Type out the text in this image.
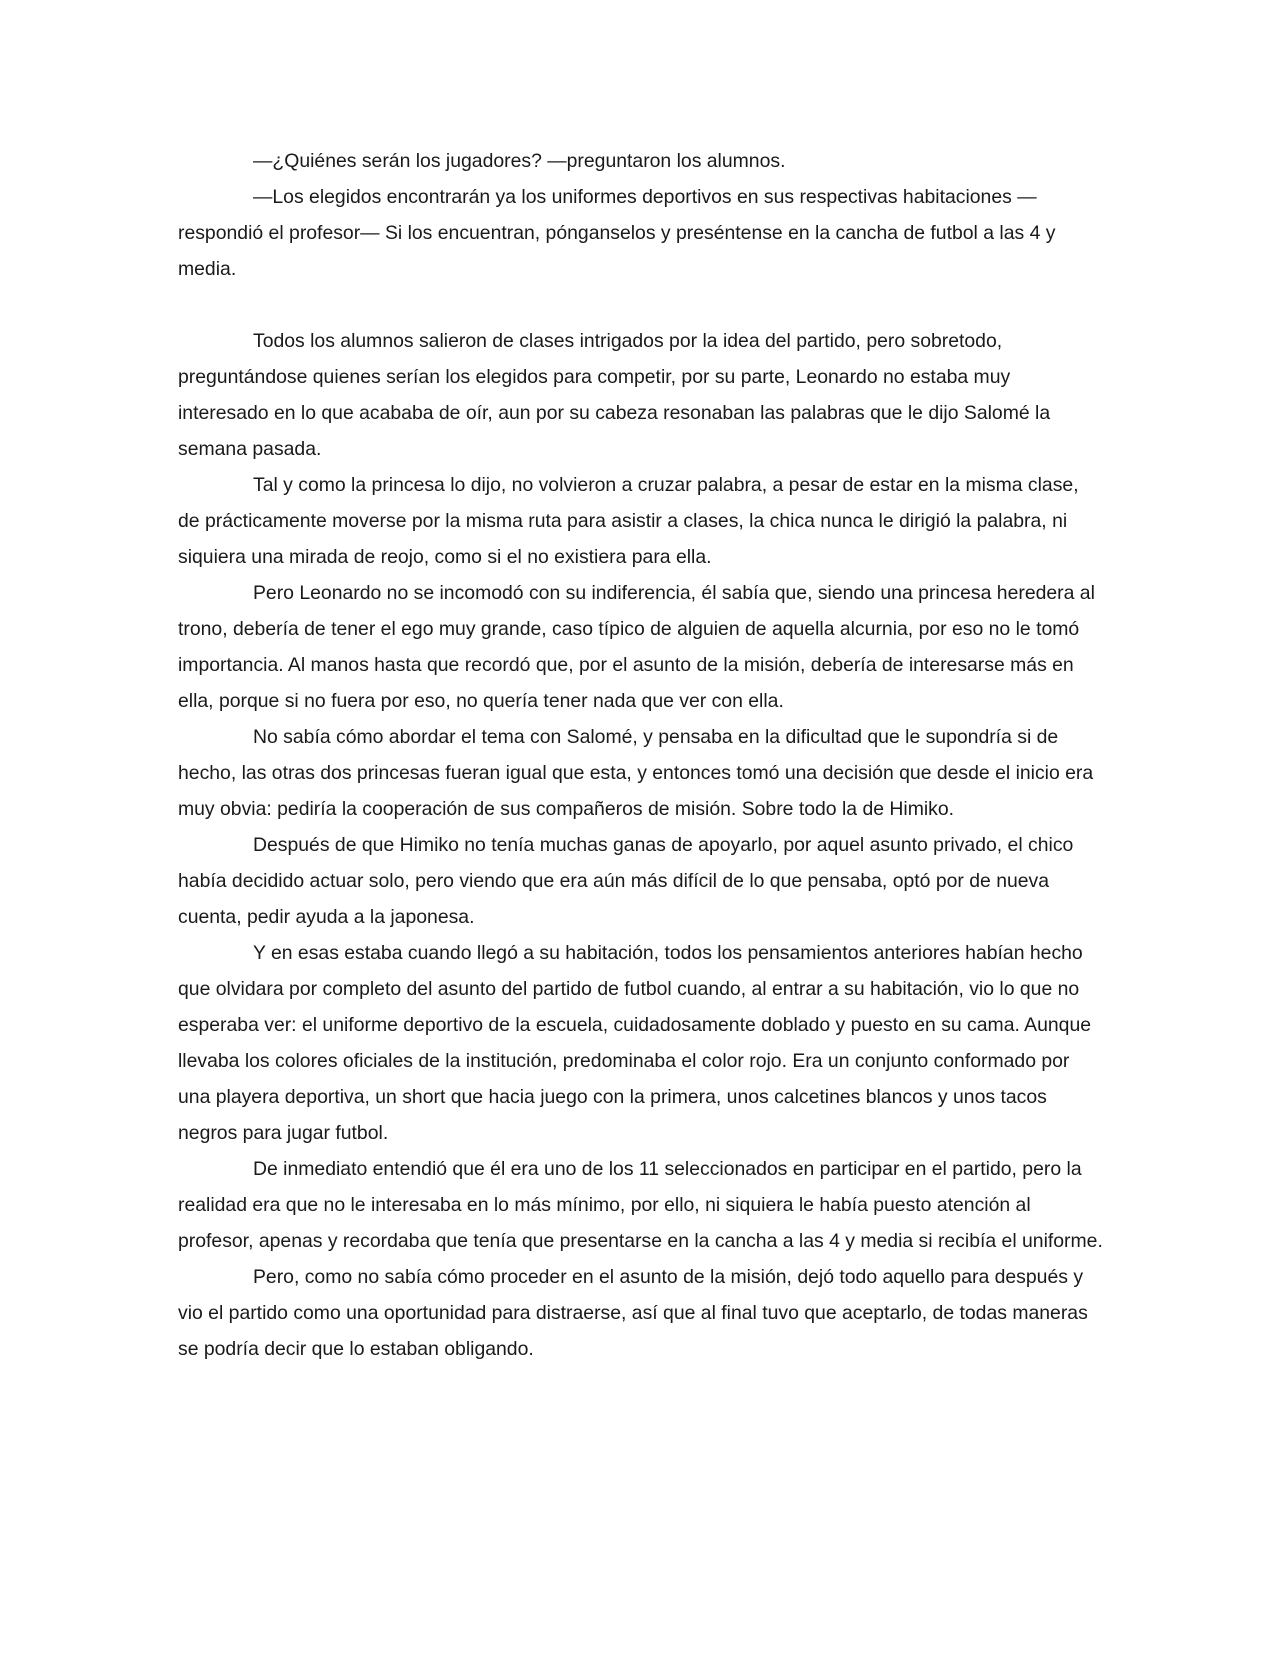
—¿Quiénes serán los jugadores? —preguntaron los alumnos.

—Los elegidos encontrarán ya los uniformes deportivos en sus respectivas habitaciones —respondió el profesor— Si los encuentran, pónganselos y preséntense en la cancha de futbol a las 4 y media.

Todos los alumnos salieron de clases intrigados por la idea del partido, pero sobretodo, preguntándose quienes serían los elegidos para competir, por su parte, Leonardo no estaba muy interesado en lo que acababa de oír, aun por su cabeza resonaban las palabras que le dijo Salomé la semana pasada.

Tal y como la princesa lo dijo, no volvieron a cruzar palabra, a pesar de estar en la misma clase, de prácticamente moverse por la misma ruta para asistir a clases, la chica nunca le dirigió la palabra, ni siquiera una mirada de reojo, como si el no existiera para ella.

Pero Leonardo no se incomodó con su indiferencia, él sabía que, siendo una princesa heredera al trono, debería de tener el ego muy grande, caso típico de alguien de aquella alcurnia, por eso no le tomó importancia. Al manos hasta que recordó que, por el asunto de la misión, debería de interesarse más en ella, porque si no fuera por eso, no quería tener nada que ver con ella.

No sabía cómo abordar el tema con Salomé, y pensaba en la dificultad que le supondría si de hecho, las otras dos princesas fueran igual que esta, y entonces tomó una decisión que desde el inicio era muy obvia: pediría la cooperación de sus compañeros de misión. Sobre todo la de Himiko.

Después de que Himiko no tenía muchas ganas de apoyarlo, por aquel asunto privado, el chico había decidido actuar solo, pero viendo que era aún más difícil de lo que pensaba, optó por de nueva cuenta, pedir ayuda a la japonesa.

Y en esas estaba cuando llegó a su habitación, todos los pensamientos anteriores habían hecho que olvidara por completo del asunto del partido de futbol cuando, al entrar a su habitación, vio lo que no esperaba ver: el uniforme deportivo de la escuela, cuidadosamente doblado y puesto en su cama. Aunque llevaba los colores oficiales de la institución, predominaba el color rojo. Era un conjunto conformado por una playera deportiva, un short que hacia juego con la primera, unos calcetines blancos y unos tacos negros para jugar futbol.

De inmediato entendió que él era uno de los 11 seleccionados en participar en el partido, pero la realidad era que no le interesaba en lo más mínimo, por ello, ni siquiera le había puesto atención al profesor, apenas y recordaba que tenía que presentarse en la cancha a las 4 y media si recibía el uniforme.

Pero, como no sabía cómo proceder en el asunto de la misión, dejó todo aquello para después y vio el partido como una oportunidad para distraerse, así que al final tuvo que aceptarlo, de todas maneras se podría decir que lo estaban obligando.
